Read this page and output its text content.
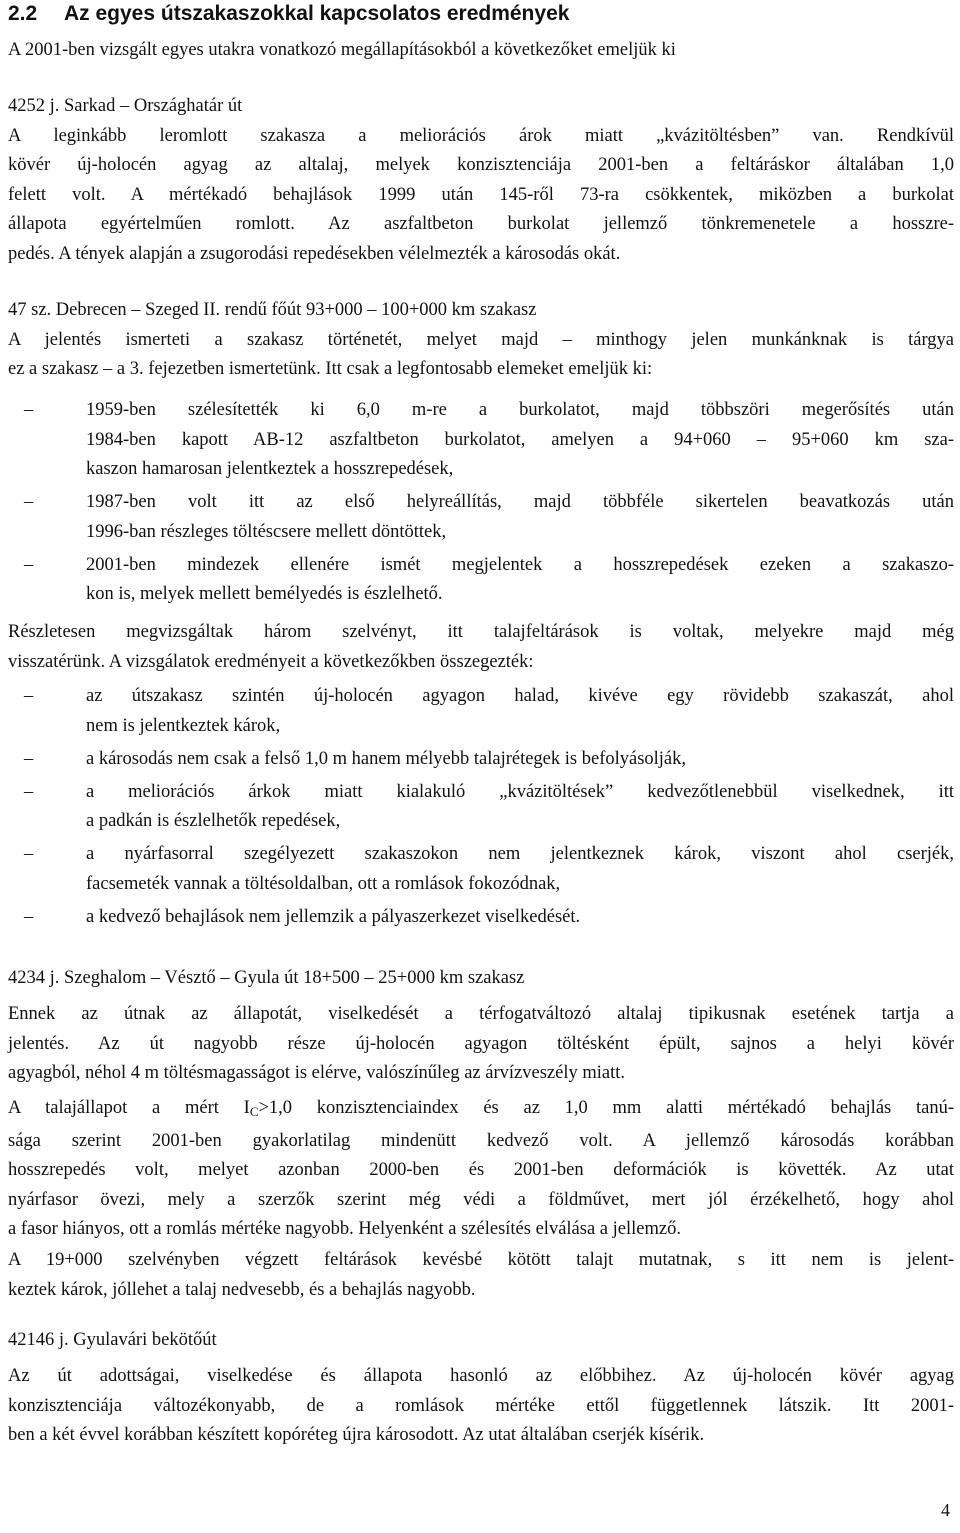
2.2 Az egyes útszakaszokkal kapcsolatos eredmények
A 2001-ben vizsgált egyes utakra vonatkozó megállapításokból a következőket emeljük ki
4252 j. Sarkad – Országhatár út
A leginkább leromlott szakasza a meliorációs árok miatt „kvázitöltésben” van. Rendkívül
kövér új-holocén agyag az altalaj, melyek konzisztenciája 2001-ben a feltáráskor általában 1,0
felett volt. A mértékadó behajlások 1999 után 145-ről 73-ra csökkentek, miközben a burkolat
állapota egyértelműen romlott. Az aszfaltbeton burkolat jellemző tönkremenetele a hosszre-
pedés. A tények alapján a zsugorodási repedésekben vélelmezték a károsodás okát.
47 sz. Debrecen – Szeged II. rendű főút 93+000 – 100+000 km szakasz
A jelentés ismerteti a szakasz történetét, melyet majd – minthogy jelen munkánknak is tárgya
ez a szakasz – a 3. fejezetben ismertetünk. Itt csak a legfontosabb elemeket emeljük ki:
–	1959-ben szélesítették ki 6,0 m-re a burkolatot, majd többszöri megerősítés után
1984-ben kapott AB-12 aszfaltbeton burkolatot, amelyen a 94+060 – 95+060 km sza-
kaszon hamarosan jelentkeztek a hosszrepedések,
–	1987-ben volt itt az első helyreállítás, majd többféle sikertelen beavatkozás után
1996-ban részleges töltéscsere mellett döntöttek,
–	2001-ben mindezek ellenére ismét megjelentek a hosszrepedések ezeken a szakaszo-
kon is, melyek mellett bemélyedés is észlelhető.
Részletesen megvizsgáltak három szelvényt, itt talajfeltárások is voltak, melyekre majd még
visszatérünk. A vizsgálatok eredményeit a következőkben összegezték:
–	az útszakasz szintén új-holocén agyagon halad, kivéve egy rövidebb szakaszát, ahol
nem is jelentkeztek károk,
–	a károsodás nem csak a felső 1,0 m hanem mélyebb talajrétegek is befolyásolják,
–	a meliorációs árkok miatt kialakuló „kvázitöltések” kedvezőtlenebbül viselkednek, itt
a padkán is észlelhetők repedések,
–	a nyárfasorral szegélyezett szakaszokon nem jelentkeznek károk, viszont ahol cserjék,
facsemeték vannak a töltésoldalban, ott a romlások fokozódnak,
–	a kedvező behajlások nem jellemzik a pályaszerkezet viselkedését.
4234 j. Szeghalom – Vésztő – Gyula út 18+500 – 25+000 km szakasz
Ennek az útnak az állapotát, viselkedését a térfogatváltozó altalaj tipikusnak esetének tartja a
jelentés. Az út nagyobb része új-holocén agyagon töltésként épült, sajnos a helyi kövér
agyagból, néhol 4 m töltésmagasságot is elérve, valószínűleg az árvízveszély miatt.
A talajállapot a mért $I_C>1,0$ konzisztenciaindex és az 1,0 mm alatti mértékadó behajlás tanú-
sága szerint 2001-ben gyakorlatilag mindenütt kedvező volt. A jellemző károsodás korábban
hosszrepedés volt, melyet azonban 2000-ben és 2001-ben deformációk is követték. Az utat
nyárfasor övezi, mely a szerzők szerint még védi a földművet, mert jól érzékelhető, hogy ahol
a fasor hiányos, ott a romlás mértéke nagyobb. Helyenként a szélesítés elválása a jellemző.
A 19+000 szelvényben végzett feltárások kevésbé kötött talajt mutatnak, s itt nem is jelent-
keztek károk, jóllehet a talaj nedvesebb, és a behajlás nagyobb.
42146 j. Gyulavári bekötőút
Az út adottságai, viselkedése és állapota hasonló az előbbihez. Az új-holocén kövér agyag
konzisztenciája változékonyabb, de a romlások mértéke ettől függetlennek látszik. Itt 2001-
ben a két évvel korábban készített kopóréteg újra károsodott. Az utat általában cserjék kísérik.
4
